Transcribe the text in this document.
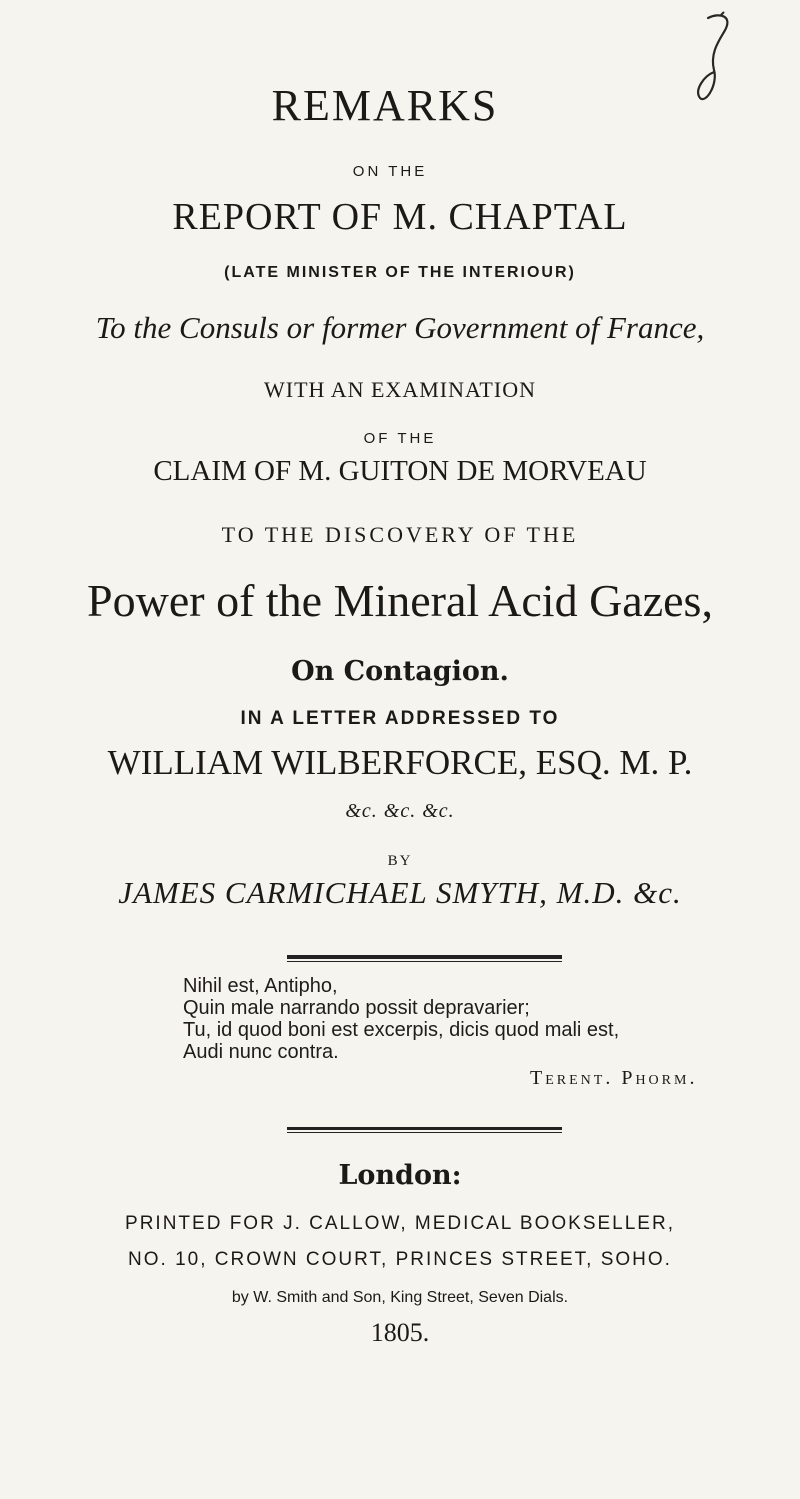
REMARKS
ON THE
REPORT OF M. CHAPTAL
(LATE MINISTER OF THE INTERIOUR)
To the Consuls or former Government of France,
WITH AN EXAMINATION
OF THE
CLAIM OF M. GUITON DE MORVEAU
TO THE DISCOVERY OF THE
Power of the Mineral Acid Gazes,
On Contagion.
IN A LETTER ADDRESSED TO
WILLIAM WILBERFORCE, ESQ. M. P.
&c. &c. &c.
BY
JAMES CARMICHAEL SMYTH, M.D. &c.

Nihil est, Antipho,

Quin male narrando possit depravarier;

Tu, id quod boni est excerpis, dicis quod mali est,

Audi nunc contra.

Terent. Phorm.
London:
PRINTED FOR J. CALLOW, MEDICAL BOOKSELLER,
NO. 10, CROWN COURT, PRINCES STREET, SOHO.
by W. Smith and Son, King Street, Seven Dials.
1805.
